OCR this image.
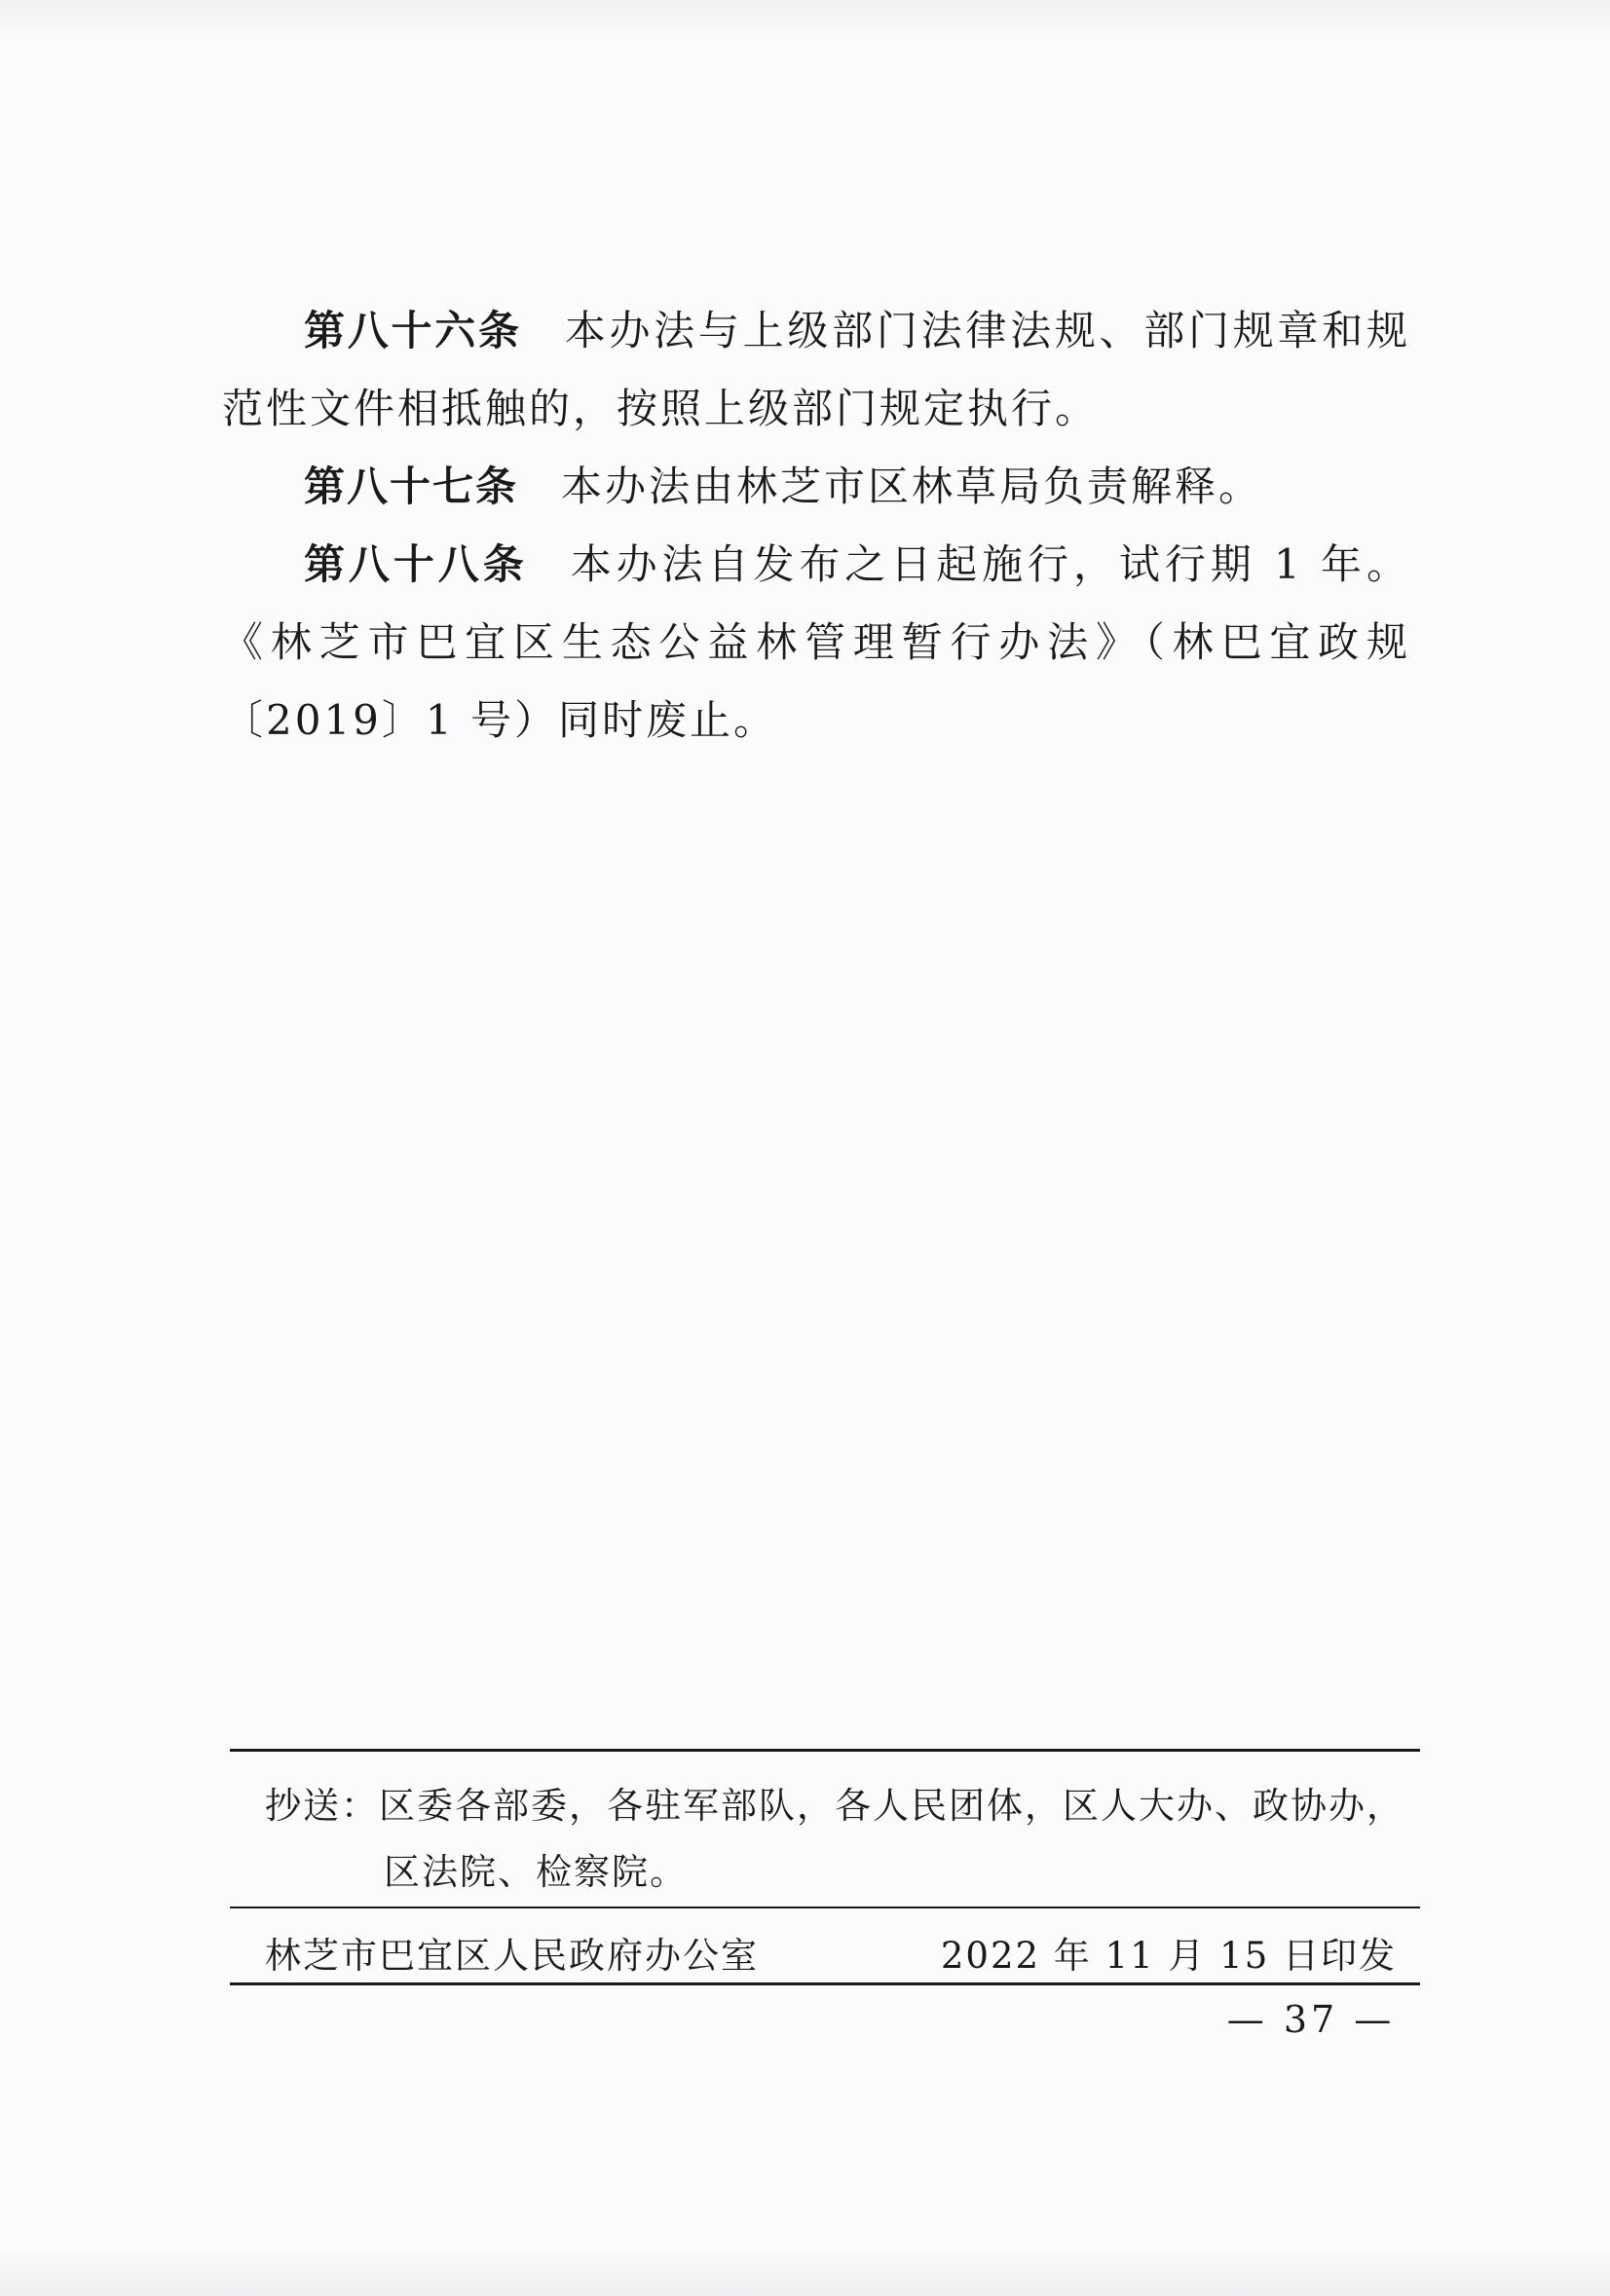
第八十六条 本办法与上级部门法律法规、部门规章和规范性文件相抵触的，按照上级部门规定执行。

第八十七条 本办法由林芝市区林草局负责解释。

第八十八条 本办法自发布之日起施行，试行期 1 年。《林芝市巴宜区生态公益林管理暂行办法》（林巴宜政规〔2019〕1 号）同时废止。

抄送：区委各部委，各驻军部队，各人民团体，区人大办、政协办，
区法院、检察院。
林芝市巴宜区人民政府办公室	2022 年 11 月 15 日印发
— 37 —
